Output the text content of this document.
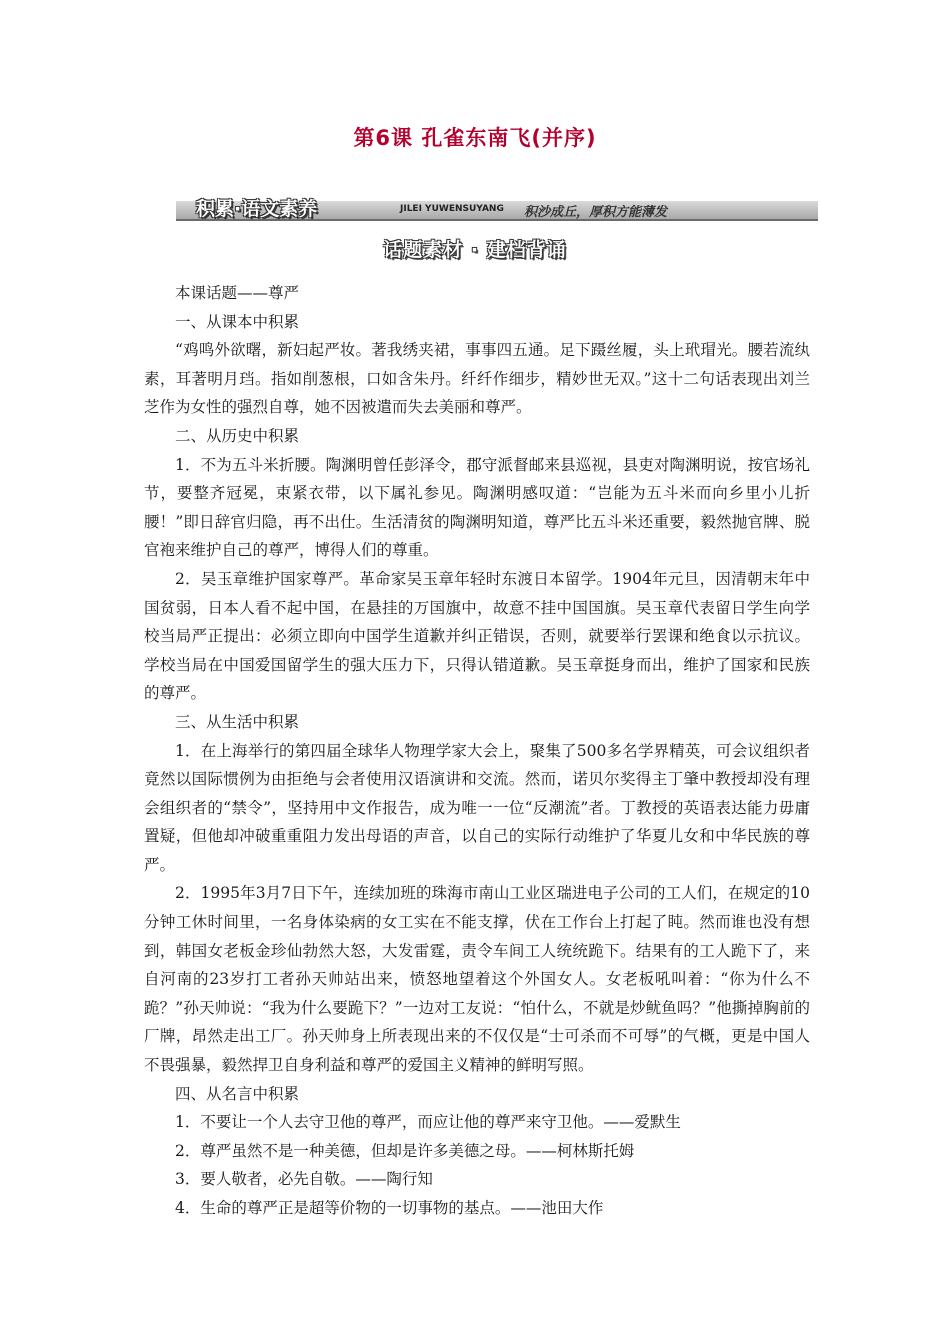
第6课 孔雀东南飞(并序)
积累·语文素养	JILEI YUWENSUYANG 积沙成丘，厚积方能薄发
话题素材 · 建档背诵

本课话题——尊严

一、从课本中积累

“鸡鸣外欲曙，新妇起严妆。著我绣夹裙，事事四五通。足下蹑丝履，头上玳瑁光。腰若流纨素，耳著明月珰。指如削葱根，口如含朱丹。纤纤作细步，精妙世无双。”这十二句话表现出刘兰芝作为女性的强烈自尊，她不因被遣而失去美丽和尊严。

二、从历史中积累

1．不为五斗米折腰。陶渊明曾任彭泽令，郡守派督邮来县巡视，县吏对陶渊明说，按官场礼节，要整齐冠冕，束紧衣带，以下属礼参见。陶渊明感叹道：“岂能为五斗米而向乡里小儿折腰！”即日辞官归隐，再不出仕。生活清贫的陶渊明知道，尊严比五斗米还重要，毅然抛官牌、脱官袍来维护自己的尊严，博得人们的尊重。

2．吴玉章维护国家尊严。革命家吴玉章年轻时东渡日本留学。1904年元旦，因清朝末年中国贫弱，日本人看不起中国，在悬挂的万国旗中，故意不挂中国国旗。吴玉章代表留日学生向学校当局严正提出：必须立即向中国学生道歉并纠正错误，否则，就要举行罢课和绝食以示抗议。学校当局在中国爱国留学生的强大压力下，只得认错道歉。吴玉章挺身而出，维护了国家和民族的尊严。

三、从生活中积累

1．在上海举行的第四届全球华人物理学家大会上，聚集了500多名学界精英，可会议组织者竟然以国际惯例为由拒绝与会者使用汉语演讲和交流。然而，诺贝尔奖得主丁肇中教授却没有理会组织者的“禁令”，坚持用中文作报告，成为唯一一位“反潮流”者。丁教授的英语表达能力毋庸置疑，但他却冲破重重阻力发出母语的声音，以自己的实际行动维护了华夏儿女和中华民族的尊严。

2．1995年3月7日下午，连续加班的珠海市南山工业区瑞进电子公司的工人们，在规定的10分钟工休时间里，一名身体染病的女工实在不能支撑，伏在工作台上打起了盹。然而谁也没有想到，韩国女老板金珍仙勃然大怒，大发雷霆，责令车间工人统统跪下。结果有的工人跪下了，来自河南的23岁打工者孙天帅站出来，愤怒地望着这个外国女人。女老板吼叫着：“你为什么不跪？”孙天帅说：“我为什么要跪下？”一边对工友说：“怕什么，不就是炒鱿鱼吗？”他撕掉胸前的厂牌，昂然走出工厂。孙天帅身上所表现出来的不仅仅是“士可杀而不可辱”的气概，更是中国人不畏强暴，毅然捍卫自身利益和尊严的爱国主义精神的鲜明写照。

四、从名言中积累

1．不要让一个人去守卫他的尊严，而应让他的尊严来守卫他。——爱默生

2．尊严虽然不是一种美德，但却是许多美德之母。——柯林斯托姆

3．要人敬者，必先自敬。——陶行知

4．生命的尊严正是超等价物的一切事物的基点。——池田大作
